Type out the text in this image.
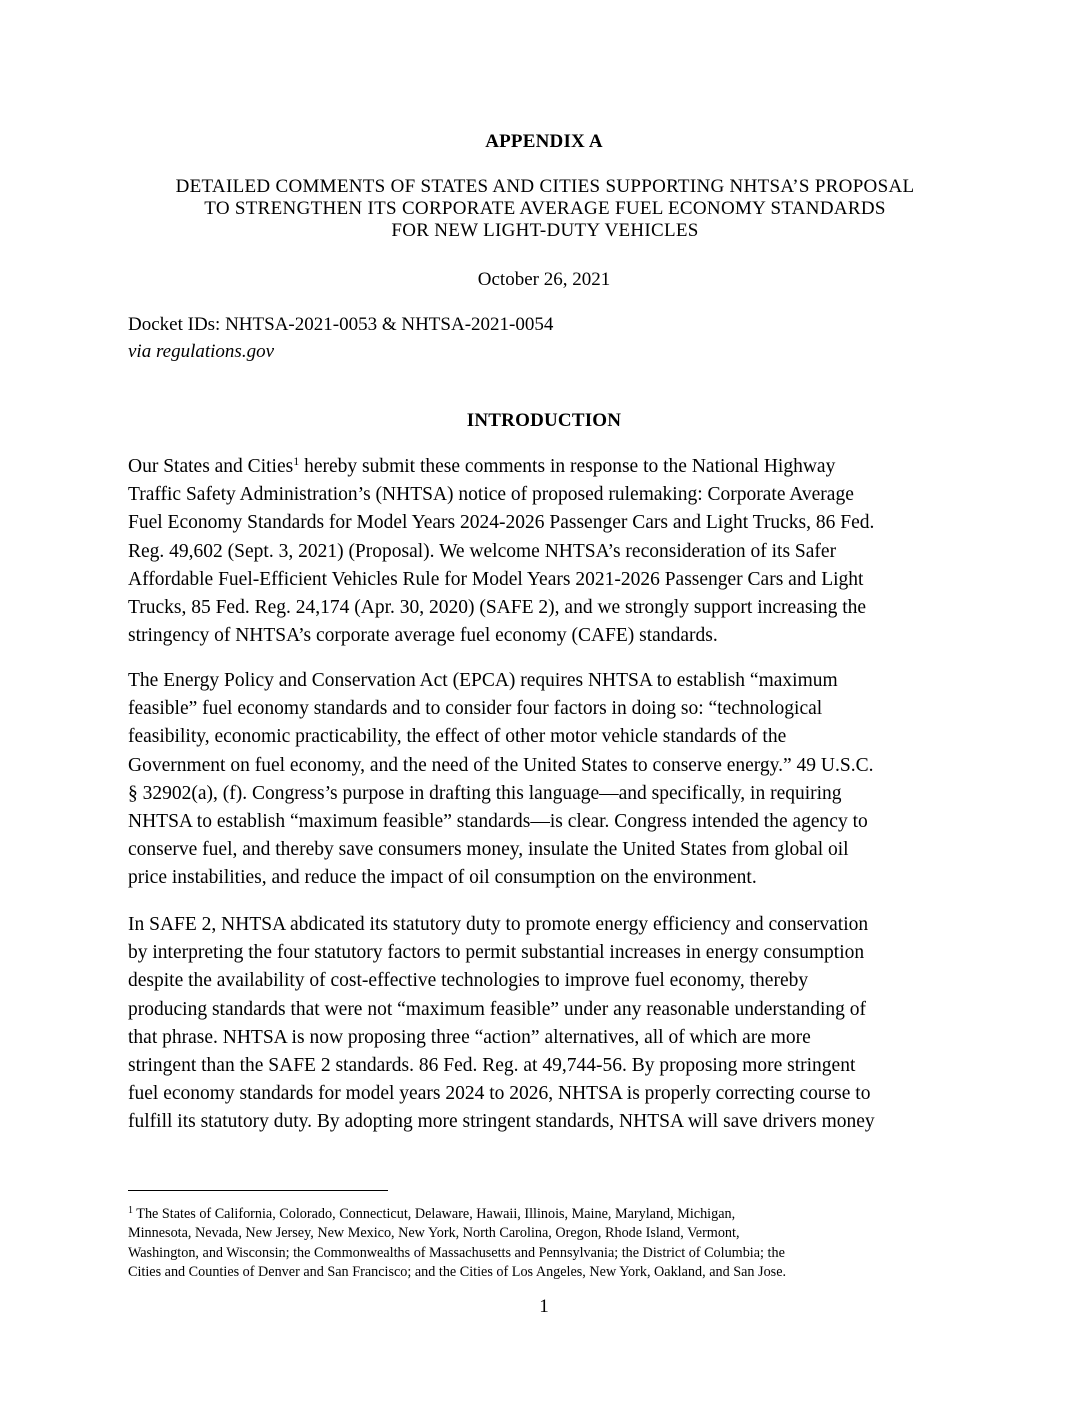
APPENDIX A
DETAILED COMMENTS OF STATES AND CITIES SUPPORTING NHTSA’S PROPOSAL
TO STRENGTHEN ITS CORPORATE AVERAGE FUEL ECONOMY STANDARDS
FOR NEW LIGHT-DUTY VEHICLES
October 26, 2021
Docket IDs: NHTSA-2021-0053 & NHTSA-2021-0054
via regulations.gov
INTRODUCTION
Our States and Cities$^1$ hereby submit these comments in response to the National Highway
Traffic Safety Administration’s (NHTSA) notice of proposed rulemaking: Corporate Average
Fuel Economy Standards for Model Years 2024-2026 Passenger Cars and Light Trucks, 86 Fed.
Reg. 49,602 (Sept. 3, 2021) (Proposal). We welcome NHTSA’s reconsideration of its Safer
Affordable Fuel-Efficient Vehicles Rule for Model Years 2021-2026 Passenger Cars and Light
Trucks, 85 Fed. Reg. 24,174 (Apr. 30, 2020) (SAFE 2), and we strongly support increasing the
stringency of NHTSA’s corporate average fuel economy (CAFE) standards.
The Energy Policy and Conservation Act (EPCA) requires NHTSA to establish “maximum
feasible” fuel economy standards and to consider four factors in doing so: “technological
feasibility, economic practicability, the effect of other motor vehicle standards of the
Government on fuel economy, and the need of the United States to conserve energy.” 49 U.S.C.
§ 32902(a), (f). Congress’s purpose in drafting this language—and specifically, in requiring
NHTSA to establish “maximum feasible” standards—is clear. Congress intended the agency to
conserve fuel, and thereby save consumers money, insulate the United States from global oil
price instabilities, and reduce the impact of oil consumption on the environment.
In SAFE 2, NHTSA abdicated its statutory duty to promote energy efficiency and conservation
by interpreting the four statutory factors to permit substantial increases in energy consumption
despite the availability of cost-effective technologies to improve fuel economy, thereby
producing standards that were not “maximum feasible” under any reasonable understanding of
that phrase. NHTSA is now proposing three “action” alternatives, all of which are more
stringent than the SAFE 2 standards. 86 Fed. Reg. at 49,744-56. By proposing more stringent
fuel economy standards for model years 2024 to 2026, NHTSA is properly correcting course to
fulfill its statutory duty. By adopting more stringent standards, NHTSA will save drivers money
$^1$ The States of California, Colorado, Connecticut, Delaware, Hawaii, Illinois, Maine, Maryland, Michigan,
Minnesota, Nevada, New Jersey, New Mexico, New York, North Carolina, Oregon, Rhode Island, Vermont,
Washington, and Wisconsin; the Commonwealths of Massachusetts and Pennsylvania; the District of Columbia; the
Cities and Counties of Denver and San Francisco; and the Cities of Los Angeles, New York, Oakland, and San Jose.
1
